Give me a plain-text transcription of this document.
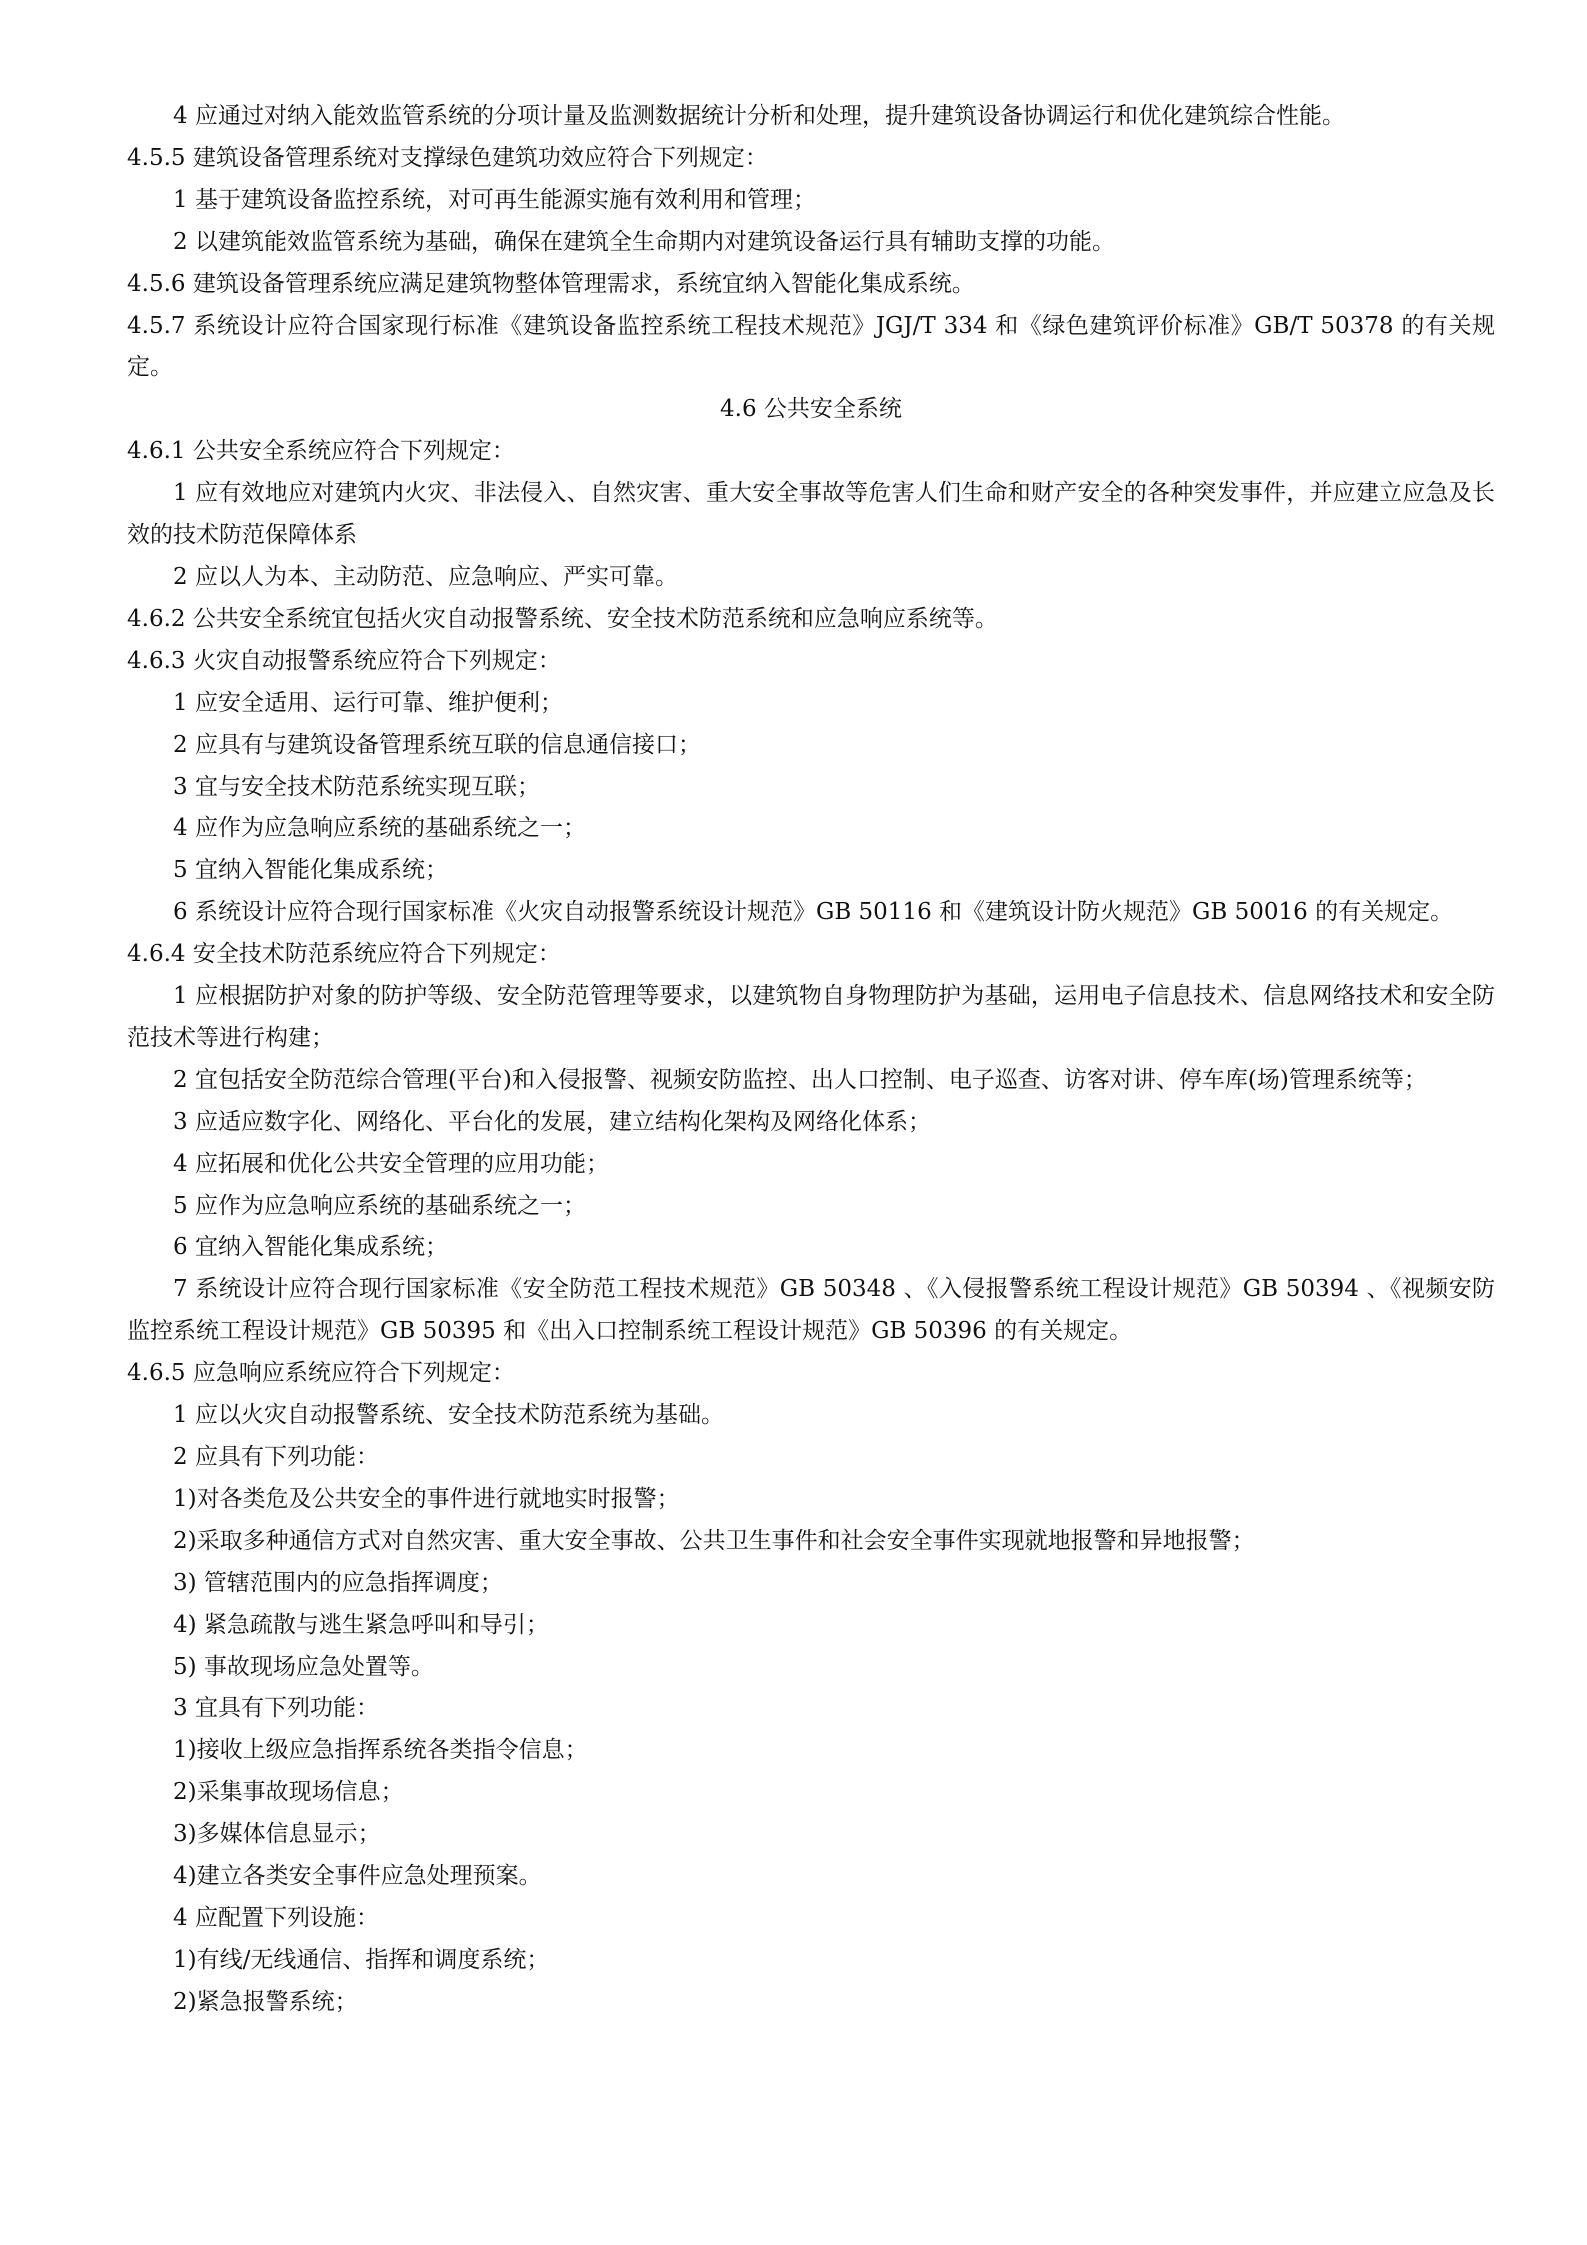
4 应通过对纳入能效监管系统的分项计量及监测数据统计分析和处理，提升建筑设备协调运行和优化建筑综合性能。

4.5.5 建筑设备管理系统对支撑绿色建筑功效应符合下列规定：

1 基于建筑设备监控系统，对可再生能源实施有效利用和管理；

2 以建筑能效监管系统为基础，确保在建筑全生命期内对建筑设备运行具有辅助支撑的功能。

4.5.6 建筑设备管理系统应满足建筑物整体管理需求，系统宜纳入智能化集成系统。

4.5.7 系统设计应符合国家现行标准《建筑设备监控系统工程技术规范》JGJ/T 334 和《绿色建筑评价标准》GB/T 50378 的有关规定。

4.6 公共安全系统

4.6.1 公共安全系统应符合下列规定：

1 应有效地应对建筑内火灾、非法侵入、自然灾害、重大安全事故等危害人们生命和财产安全的各种突发事件，并应建立应急及长效的技术防范保障体系

2 应以人为本、主动防范、应急响应、严实可靠。

4.6.2 公共安全系统宜包括火灾自动报警系统、安全技术防范系统和应急响应系统等。

4.6.3 火灾自动报警系统应符合下列规定：

1 应安全适用、运行可靠、维护便利；

2 应具有与建筑设备管理系统互联的信息通信接口；

3 宜与安全技术防范系统实现互联；

4 应作为应急响应系统的基础系统之一；

5 宜纳入智能化集成系统；

6 系统设计应符合现行国家标准《火灾自动报警系统设计规范》GB 50116 和《建筑设计防火规范》GB 50016 的有关规定。

4.6.4 安全技术防范系统应符合下列规定：

1 应根据防护对象的防护等级、安全防范管理等要求，以建筑物自身物理防护为基础，运用电子信息技术、信息网络技术和安全防范技术等进行构建；

2 宜包括安全防范综合管理(平台)和入侵报警、视频安防监控、出人口控制、电子巡查、访客对讲、停车库(场)管理系统等；

3 应适应数字化、网络化、平台化的发展，建立结构化架构及网络化体系；

4 应拓展和优化公共安全管理的应用功能；

5 应作为应急响应系统的基础系统之一；

6 宜纳入智能化集成系统；

7 系统设计应符合现行国家标准《安全防范工程技术规范》GB 50348 、《入侵报警系统工程设计规范》GB 50394 、《视频安防监控系统工程设计规范》GB 50395 和《出入口控制系统工程设计规范》GB 50396 的有关规定。

4.6.5 应急响应系统应符合下列规定：

1 应以火灾自动报警系统、安全技术防范系统为基础。

2 应具有下列功能：

1)对各类危及公共安全的事件进行就地实时报警；

2)采取多种通信方式对自然灾害、重大安全事故、公共卫生事件和社会安全事件实现就地报警和异地报警；

3) 管辖范围内的应急指挥调度；

4) 紧急疏散与逃生紧急呼叫和导引；

5) 事故现场应急处置等。

3 宜具有下列功能：

1)接收上级应急指挥系统各类指令信息；

2)采集事故现场信息；

3)多媒体信息显示；

4)建立各类安全事件应急处理预案。

4 应配置下列设施：

1)有线/无线通信、指挥和调度系统；

2)紧急报警系统；
